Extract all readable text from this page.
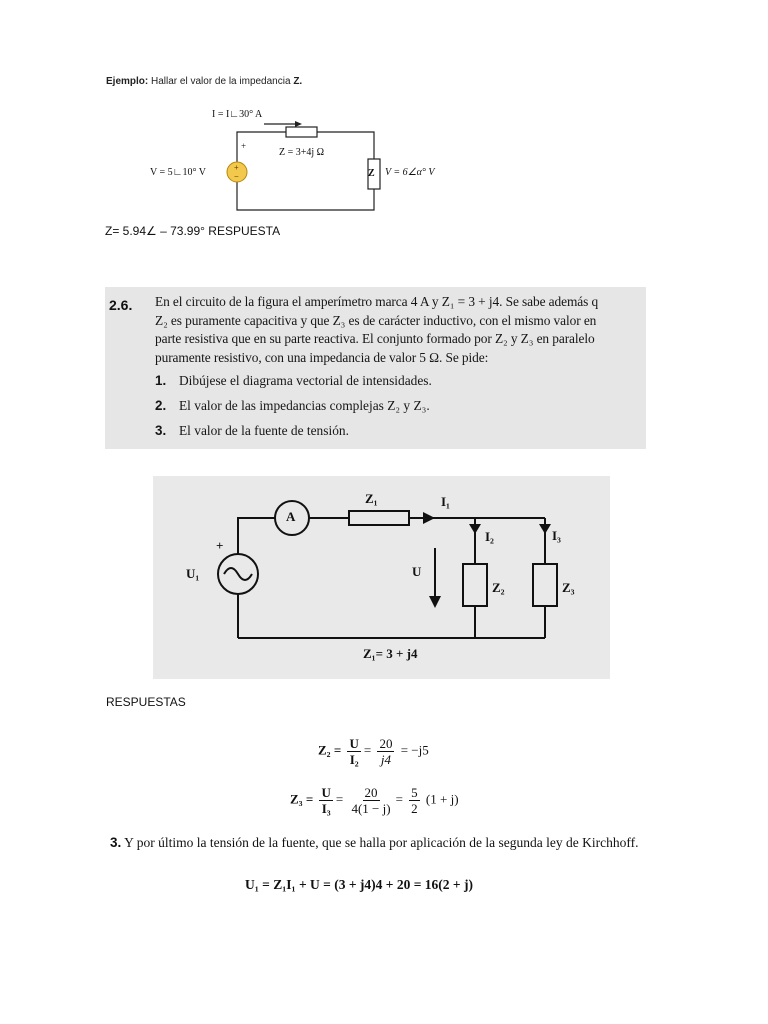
Ejemplo: Hallar el valor de la impedancia Z.
+
−
I = I∟30° A
+
Z = 3+4j Ω
V = 5∟10° V	Z V = 6∠α° V
Z= 5.94∠ – 73.99° RESPUESTA
2.6. En el circuito de la figura el amperímetro marca 4 A y Z₁ = 3 + j4. Se sabe además q
Z₂ es puramente capacitiva y que Z₃ es de carácter inductivo, con el mismo valor en
parte resistiva que en su parte reactiva. El conjunto formado por Z₂ y Z₃ en paralelo
puramente resistivo, con una impedancia de valor 5 Ω. Se pide:
1. Dibújese el diagrama vectorial de intensidades.
2. El valor de las impedancias complejas Z₂ y Z₃.
3. El valor de la fuente de tensión.
A
Z₁	I₁
I₂	I₃
U
U₁
+
Z₂	Z₃
Z₁= 3 + j4
RESPUESTAS
$Z_2 = \frac{U}{\text{I₂}} = \frac{20}{j4} = -j5$
$Z_3 = \frac{U}{\text{I₃}} = \frac{20}{4(1 - j)} = \frac{5}{2} (1 + j)$
3. Y por último la tensión de la fuente, que se halla por aplicación de la segunda ley de Kirchhoff.
U₁ = Z₁I₁ + U = (3 + j4)4 + 20 = 16(2 + j)
